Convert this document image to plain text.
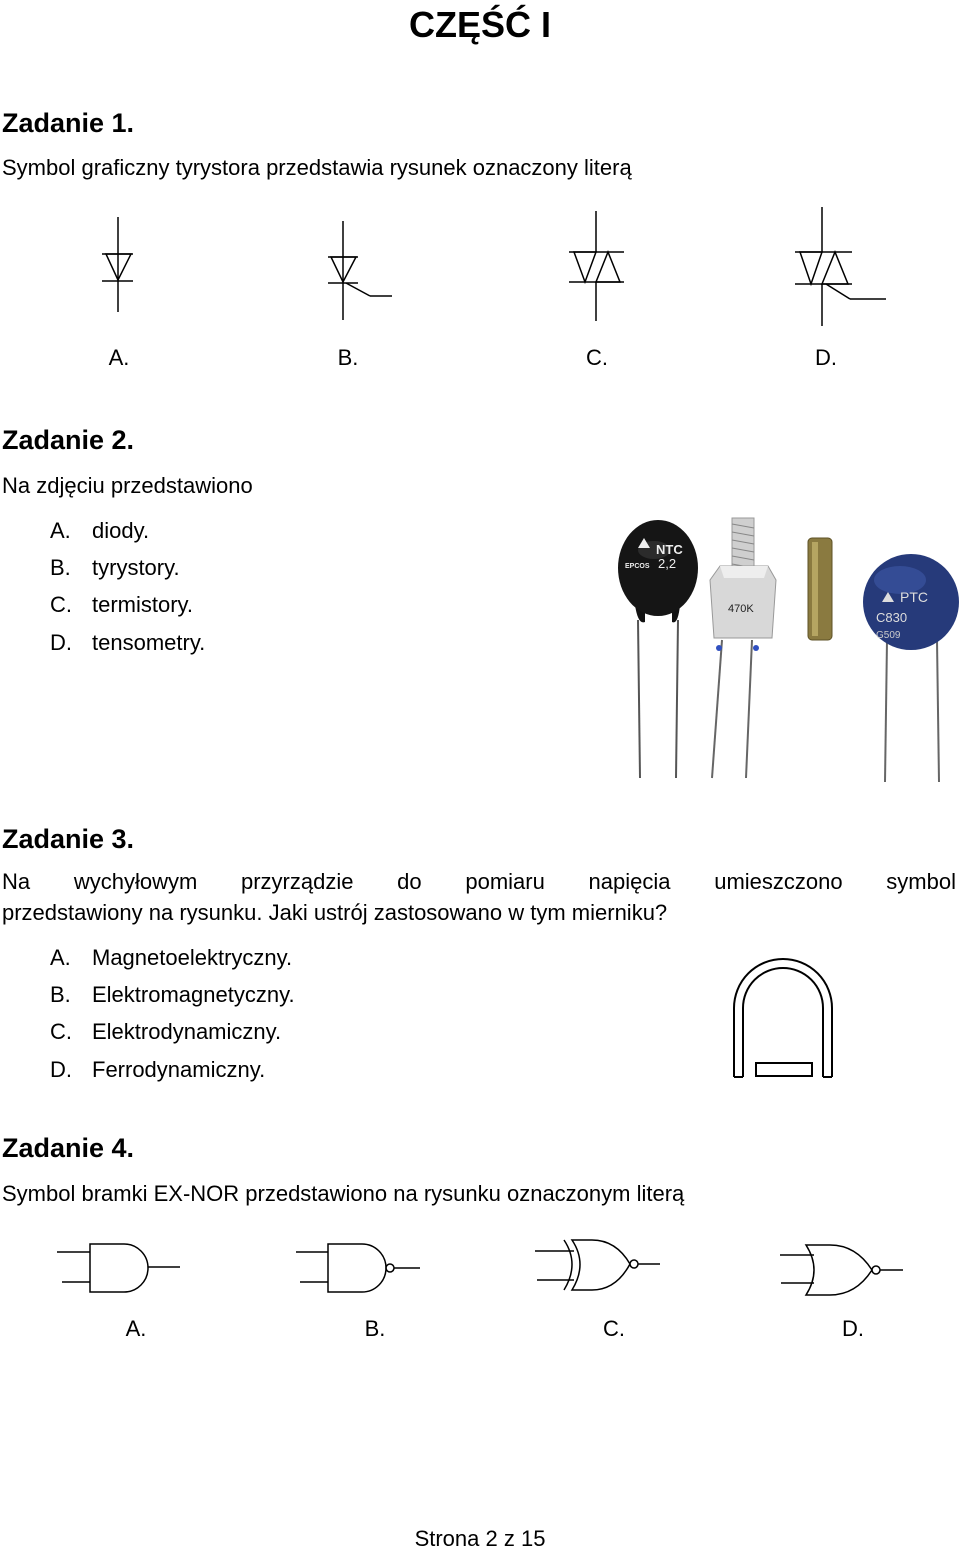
CZĘŚĆ I
Zadanie 1.
Symbol graficzny tyrystora przedstawia rysunek oznaczony literą
A.	B.	C.	D.
Zadanie 2.
Na zdjęciu przedstawiono
A. diody.
B. tyrystory.
C. termistory.
D. tensometry.
NTC
EPCOS 2,2
470K
PTC
C830
G509
Zadanie 3.
Na wychyłowym przyrządzie do pomiaru napięcia umieszczono symbol
przedstawiony na rysunku. Jaki ustrój zastosowano w tym mierniku?
A. Magnetoelektryczny.
B. Elektromagnetyczny.
C. Elektrodynamiczny.
D. Ferrodynamiczny.
Zadanie 4.
Symbol bramki EX-NOR przedstawiono na rysunku oznaczonym literą
A.	B.	C.	D.
Strona 2 z 15
